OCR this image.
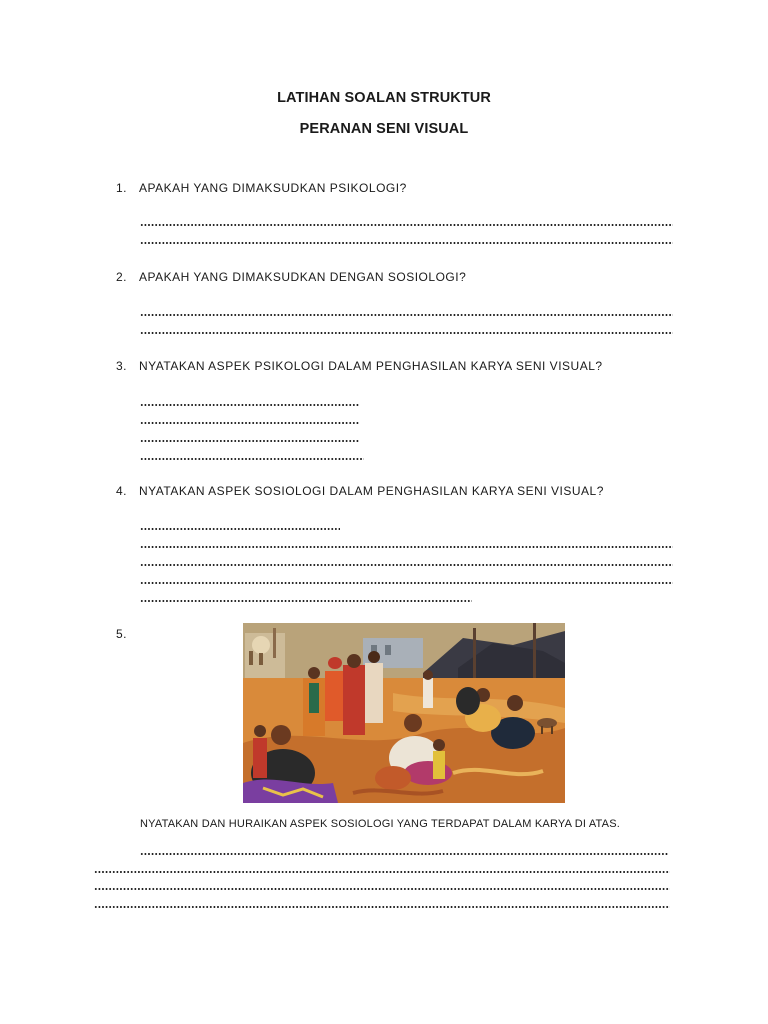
LATIHAN SOALAN STRUKTUR
PERANAN SENI VISUAL
1. APAKAH YANG DIMAKSUDKAN PSIKOLOGI?
2. APAKAH YANG DIMAKSUDKAN DENGAN SOSIOLOGI?
3. NYATAKAN ASPEK PSIKOLOGI DALAM PENGHASILAN KARYA SENI VISUAL?
4. NYATAKAN ASPEK SOSIOLOGI DALAM PENGHASILAN KARYA SENI VISUAL?
5.
NYATAKAN DAN HURAIKAN ASPEK SOSIOLOGI YANG TERDAPAT DALAM KARYA DI ATAS.
